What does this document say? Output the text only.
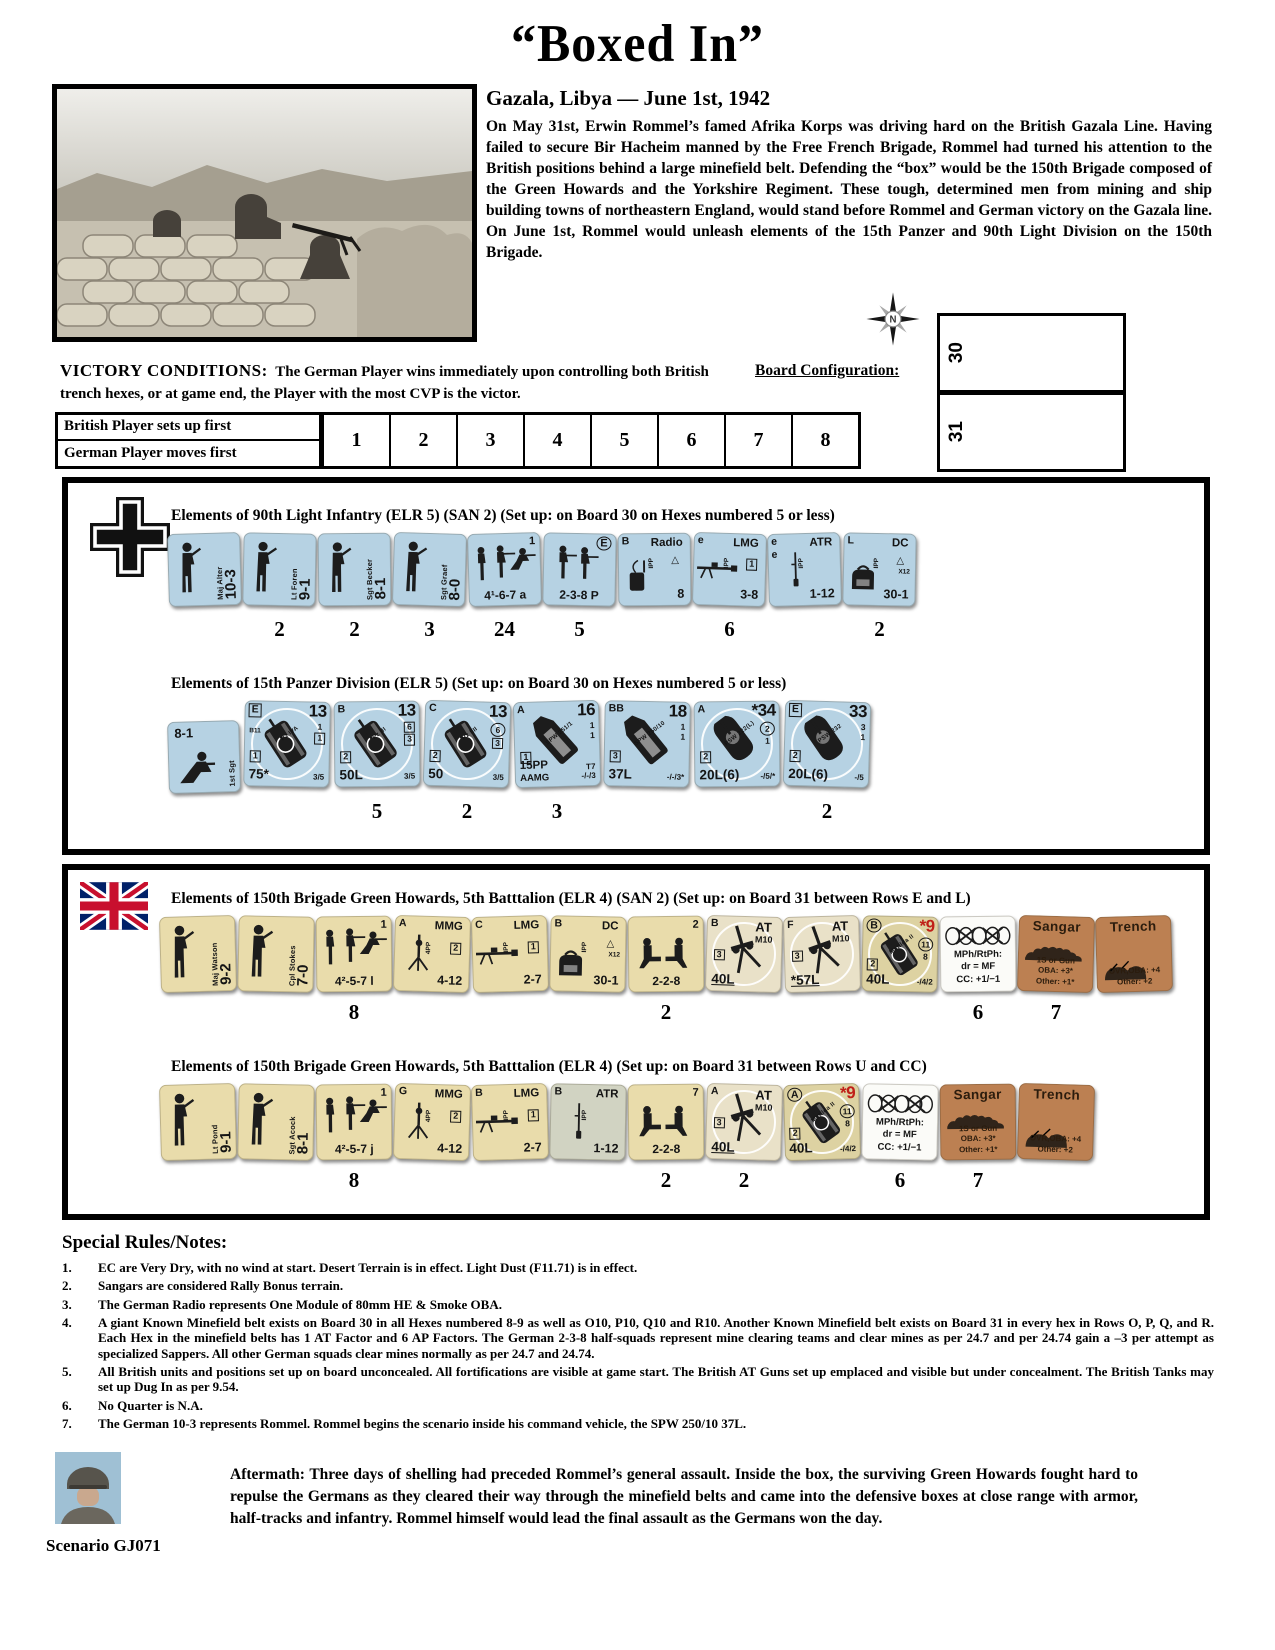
“Boxed In”
Gazala, Libya — June 1st, 1942

On May 31st, Erwin Rommel’s famed Afrika Korps was driving hard on the British Gazala Line. Having failed to secure Bir Hacheim manned by the Free French Brigade, Rommel had turned his attention to the British positions behind a large minefield belt. Defending the “box” would be the 150th Brigade composed of the Green Howards and the Yorkshire Regiment. These tough, determined men from mining and ship building towns of northeastern England, would stand before Rommel and German victory on the Gazala line. On June 1st, Rommel would unleash elements of the 15th Panzer and 90th Light Division on the 150th Brigade.

VICTORY CONDITIONS: The German Player wins immediately upon controlling both British trench hexes, or at game end, the Player with the most CVP is the victor.

Board Configuration:
N
30
31
British Player sets up first
German Player moves first
1	2	3	4	5	6	7	8
Elements of 90th Light Infantry (ELR 5) (SAN 2) (Set up: on Board 30 on Hexes numbered 5 or less)
Maj Alter
10-3	Lt Foren
9-1	Sgt Becker
8-1	Sgt Graef
8-0
1
4¹-6-7 a
E
2-3-8 P
B Radio
IPP △
8
e	LMG
IPP	1
3-8
e
e
ATR
IPP
1-12
L	DC
IPP △
X12
30-1
2	2	3	24	5	6	2
Elements of 15th Panzer Division (ELR 5) (Set up: on Board 30 on Hexes numbered 5 or less)
8-1
1st Sgt
Pz IVA
E	13
1
1
B11
1
75*	3/5
Pz III
B	13
6
3
2
50L	3/5
Pz IIII
C	13
6
3
2
50	3/5
SPW 251/1
A	16
1
1
1
15PP
AAMG
T7
-/-/3
SPW 250/10
BB	18
1
1
3
37L	-/-/3*
PSW 222(L)
A	*34
2
1
2
20L(6)	-/5/*
PSW 232
E	33
3
1
2
20L(6)	-/5
5	2	3	2
Elements of 150th Brigade Green Howards, 5th Batttalion (ELR 4) (SAN 2) (Set up: on Board 31 between Rows E and L)
Maj Watson
9-2	Cpl Stokes
7-0
1
4²-5-7 l
A MMG
4PP	2
4-12
C	LMG
IPP	1
2-7
B	DC
IPP △
X12
30-1
2
2-2-8
B	AT
M10
3
40L
F	AT
M10
3
*57L
Matilda II
B *9
11
8
2
40L	-/4/2
MPh/RtPh:
dr = MF
CC: +1/−1
Sangar
1S or Gun
OBA: +3*
Other: +1*
Trench
OVR,OBA: +4
Other: +2
8	2	6	7
Elements of 150th Brigade Green Howards, 5th Batttalion (ELR 4) (Set up: on Board 31 between Rows U and CC)
Lt Pond
9-1	Sgt Acock
8-1
1
4²-5-7 j
G MMG
4PP	2
4-12
B	LMG
IPP	1
2-7
B	ATR
IPP
1-12
7
2-2-8
A	AT
M10
3
40L
Matilda II
A *9
11
8
2
40L	-/4/2
MPh/RtPh:
dr = MF
CC: +1/−1
Sangar
1S or Gun
OBA: +3*
Other: +1*
Trench
OVR,OBA: +4
Other: +2
8	2	2	6	7
Special Rules/Notes:
1.	EC are Very Dry, with no wind at start. Desert Terrain is in effect. Light Dust (F11.71) is in effect.
2.	Sangars are considered Rally Bonus terrain.
3.	The German Radio represents One Module of 80mm HE & Smoke OBA.
4.	A giant Known Minefield belt exists on Board 30 in all Hexes numbered 8-9 as well as O10, P10, Q10 and R10. Another Known Minefield belt exists on Board 31 in every hex in Rows O, P, Q, and R. Each Hex in the minefield belts has 1 AT Factor and 6 AP Factors. The German 2-3-8 half-squads represent mine clearing teams and clear mines as per 24.7 and per 24.74 gain a –3 per attempt as specialized Sappers. All other German squads clear mines normally as per 24.7 and 24.74.
5.	All British units and positions set up on board unconcealed. All fortifications are visible at game start. The British AT Guns set up emplaced and visible but under concealment. The British Tanks may set up Dug In as per 9.54.
6.	No Quarter is N.A.
7.	The German 10-3 represents Rommel. Rommel begins the scenario inside his command vehicle, the SPW 250/10 37L.
Scenario GJ071

Aftermath: Three days of shelling had preceded Rommel’s general assault. Inside the box, the surviving Green Howards fought hard to repulse the Germans as they cleared their way through the minefield belts and came into the defensive boxes at close range with armor, half-tracks and infantry. Rommel himself would lead the final assault as the Germans won the day.
